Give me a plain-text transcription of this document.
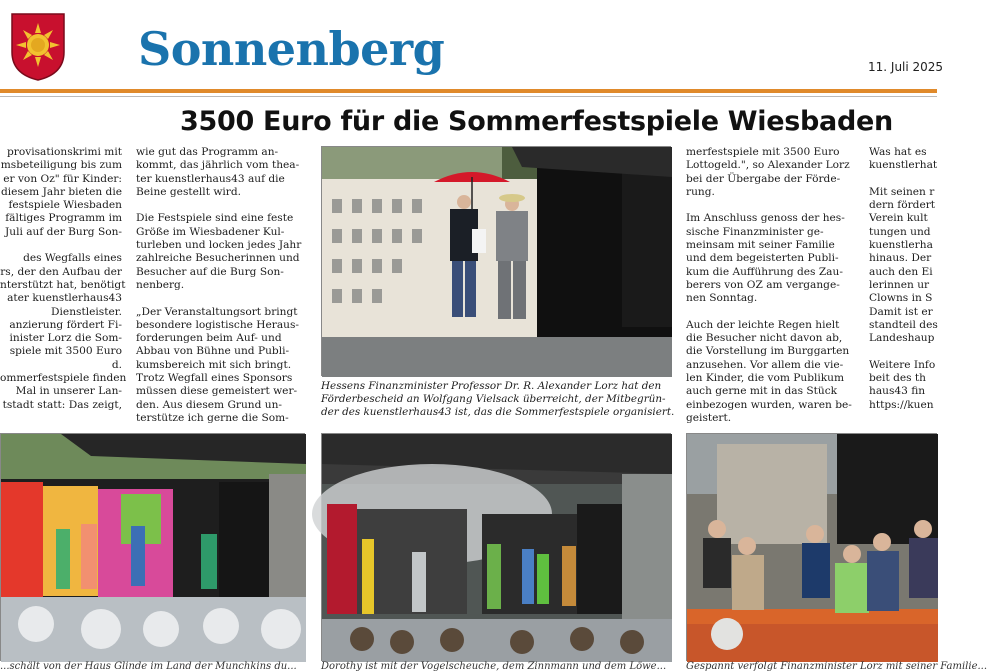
Sonnenberg	11. Juli 2025
3500 Euro für die Sommerfestspiele Wiesbaden
provisationskrimi mit
msbeteiligung bis zum
er von Oz" für Kinder:
diesem Jahr bieten die
festspiele Wiesbaden
fältiges Programm im
Juli auf der Burg Son-

des Wegfalls eines
rs, der den Aufbau der
nterstützt hat, benötigt
ater kuenstlerhaus43
Dienstleister.
anzierung fördert Fi-
inister Lorz die Som-
spiele mit 3500 Euro
d.
ommerfestspiele finden
Mal in unserer Lan-
tstadt statt: Das zeigt,
wie gut das Programm an-
kommt, das jährlich vom thea-
ter kuenstlerhaus43 auf die
Beine gestellt wird.

Die Festspiele sind eine feste
Größe im Wiesbadener Kul-
turleben und locken jedes Jahr
zahlreiche Besucherinnen und
Besucher auf die Burg Son-
nenberg.

„Der Veranstaltungsort bringt
besondere logistische Heraus-
forderungen beim Auf- und
Abbau von Bühne und Publi-
kumsbereich mit sich bringt.
Trotz Wegfall eines Sponsors
müssen diese gemeistert wer-
den. Aus diesem Grund un-
terstütze ich gerne die Som-
merfestspiele mit 3500 Euro
Lottogeld.", so Alexander Lorz
bei der Übergabe der Förde-
rung.

Im Anschluss genoss der hes-
sische Finanzminister ge-
meinsam mit seiner Familie
und dem begeisterten Publi-
kum die Aufführung des Zau-
berers von OZ am vergange-
nen Sonntag.

Auch der leichte Regen hielt
die Besucher nicht davon ab,
die Vorstellung im Burggarten
anzusehen. Vor allem die vie-
len Kinder, die vom Publikum
auch gerne mit in das Stück
einbezogen wurden, waren be-
geistert.
Was hat es
kuenstlerhat

Mit seinen r
dern fördert
Verein kult
tungen und
kuenstlerha
hinaus. Der
auch den Ei
lerinnen ur
Clowns in S
Damit ist er
standteil des
Landeshaup

Weitere Info
beit des th
haus43 fin
https://kuen
Hessens Finanzminister Professor Dr. R. Alexander Lorz hat den
Förderbescheid an Wolfgang Vielsack überreicht, der Mitbegrün-
der des kuenstlerhaus43 ist, das die Sommerfestspiele organisiert.
...schält von der Haus Glinde im Land der Munchkins du...	Dorothy ist mit der Vogelscheuche, dem Zinnmann und dem Löwe...	Gespannt verfolgt Finanzminister Lorz mit seiner Familie...
